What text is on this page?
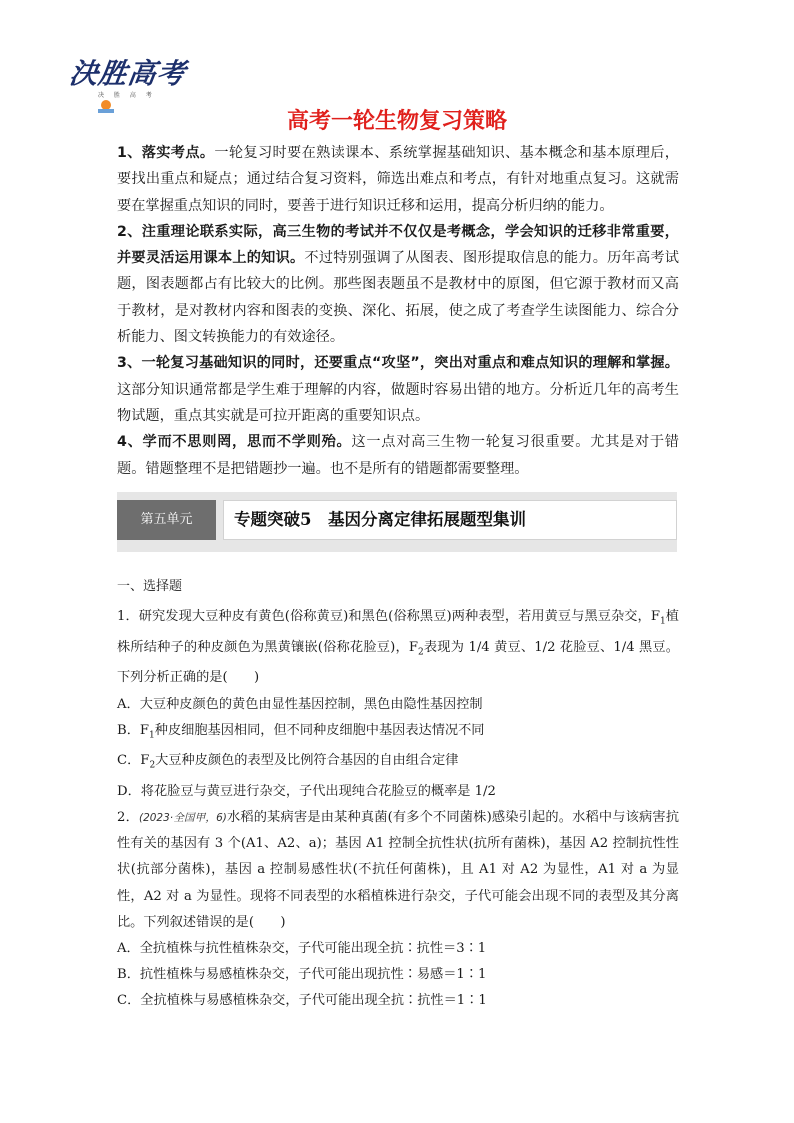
決胜高考
决 胜 高 考
高考一轮生物复习策略

1、落实考点。一轮复习时要在熟读课本、系统掌握基础知识、基本概念和基本原理后，要找出重点和疑点；通过结合复习资料，筛选出难点和考点，有针对地重点复习。这就需要在掌握重点知识的同时，要善于进行知识迁移和运用，提高分析归纳的能力。

2、注重理论联系实际，高三生物的考试并不仅仅是考概念，学会知识的迁移非常重要，并要灵活运用课本上的知识。不过特别强调了从图表、图形提取信息的能力。历年高考试题，图表题都占有比较大的比例。那些图表题虽不是教材中的原图，但它源于教材而又高于教材，是对教材内容和图表的变换、深化、拓展，使之成了考查学生读图能力、综合分析能力、图文转换能力的有效途径。

3、一轮复习基础知识的同时，还要重点“攻坚”，突出对重点和难点知识的理解和掌握。这部分知识通常都是学生难于理解的内容，做题时容易出错的地方。分析近几年的高考生物试题，重点其实就是可拉开距离的重要知识点。

4、学而不思则罔，思而不学则殆。这一点对高三生物一轮复习很重要。尤其是对于错题。错题整理不是把错题抄一遍。也不是所有的错题都需要整理。

第五单元	专题突破5　基因分离定律拓展题型集训

一、选择题

1．研究发现大豆种皮有黄色(俗称黄豆)和黑色(俗称黑豆)两种表型，若用黄豆与黑豆杂交，$F_1$植株所结种子的种皮颜色为黑黄镶嵌(俗称花脸豆)，$F_2$表现为 1/4 黄豆、1/2 花脸豆、1/4 黑豆。下列分析正确的是(　　)

A．大豆种皮颜色的黄色由显性基因控制，黑色由隐性基因控制

B．$F_1$种皮细胞基因相同，但不同种皮细胞中基因表达情况不同

C．$F_2$大豆种皮颜色的表型及比例符合基因的自由组合定律

D．将花脸豆与黄豆进行杂交，子代出现纯合花脸豆的概率是 1/2

2．(2023·全国甲，6)水稻的某病害是由某种真菌(有多个不同菌株)感染引起的。水稻中与该病害抗性有关的基因有 3 个(A1、A2、a)；基因 A1 控制全抗性状(抗所有菌株)，基因 A2 控制抗性性状(抗部分菌株)，基因 a 控制易感性状(不抗任何菌株)，且 A1 对 A2 为显性，A1 对 a 为显性，A2 对 a 为显性。现将不同表型的水稻植株进行杂交，子代可能会出现不同的表型及其分离比。下列叙述错误的是(　　)

A．全抗植株与抗性植株杂交，子代可能出现全抗∶抗性＝3∶1

B．抗性植株与易感植株杂交，子代可能出现抗性∶易感＝1∶1

C．全抗植株与易感植株杂交，子代可能出现全抗∶抗性＝1∶1
